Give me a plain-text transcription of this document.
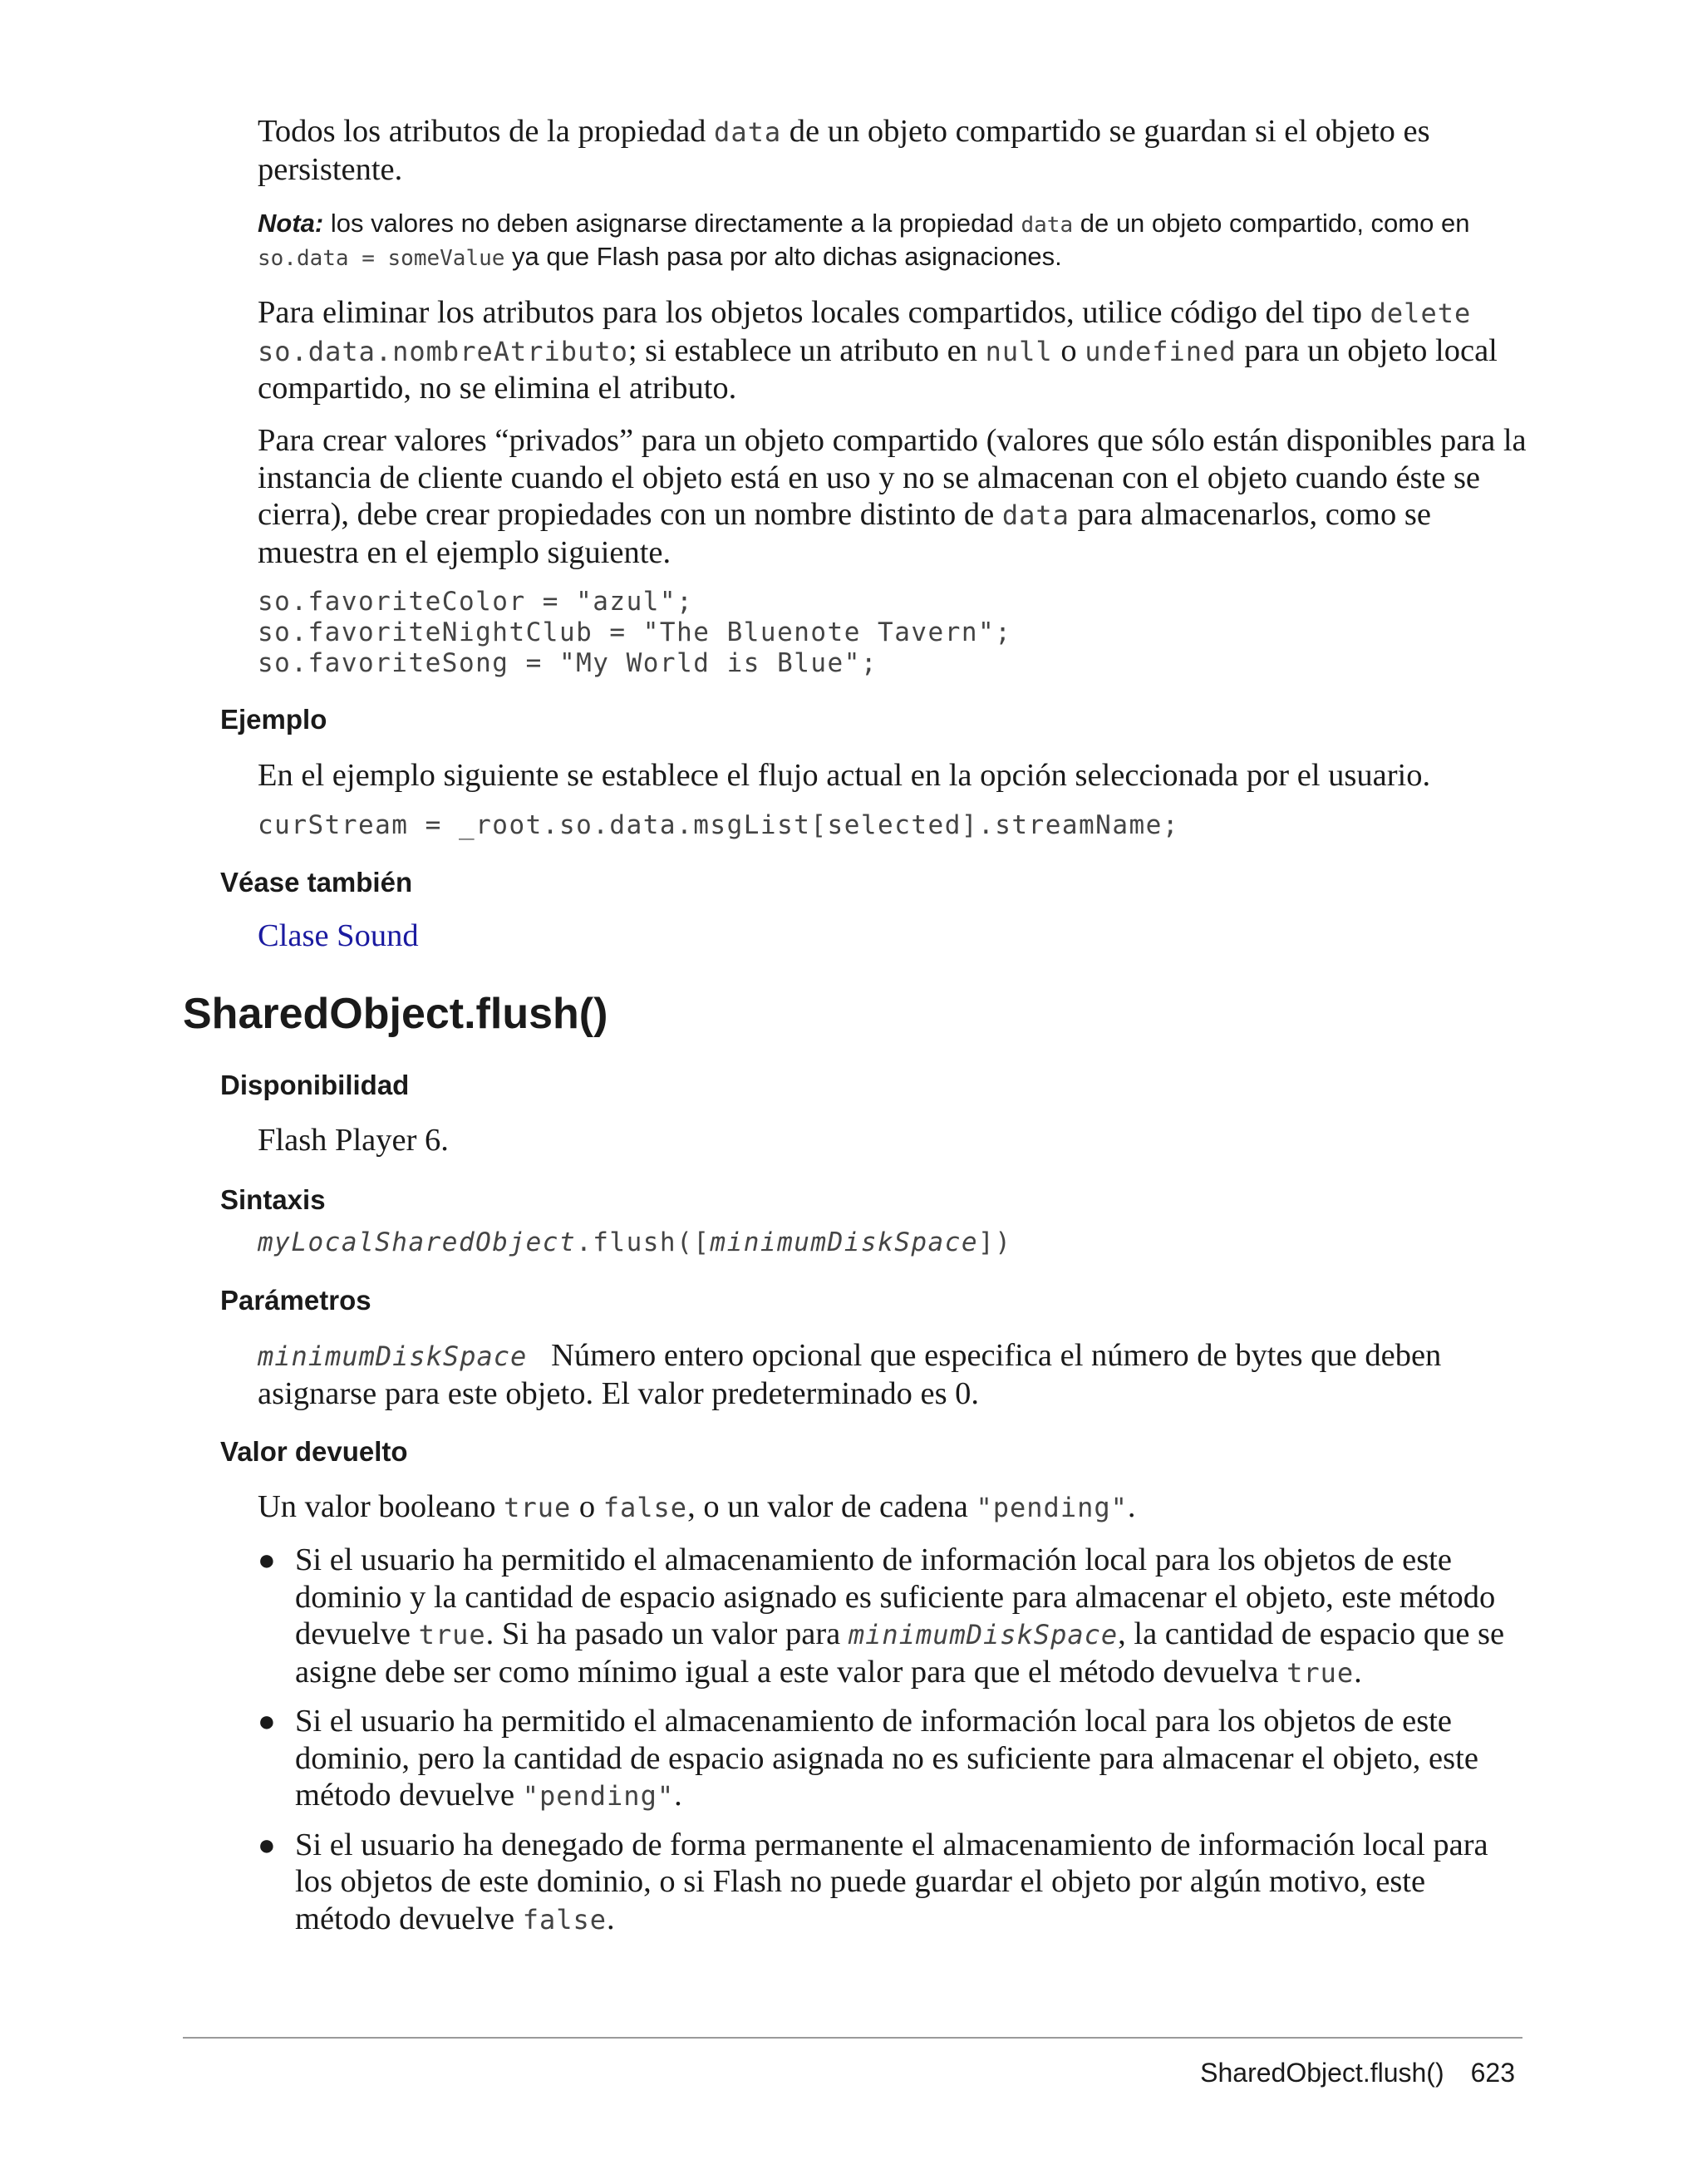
Todos los atributos de la propiedad data de un objeto compartido se guardan si el objeto es persistente.

Nota: los valores no deben asignarse directamente a la propiedad data de un objeto compartido, como en so.data = someValue ya que Flash pasa por alto dichas asignaciones.

Para eliminar los atributos para los objetos locales compartidos, utilice código del tipo delete so.data.nombreAtributo; si establece un atributo en null o undefined para un objeto local compartido, no se elimina el atributo.

Para crear valores “privados” para un objeto compartido (valores que sólo están disponibles para la instancia de cliente cuando el objeto está en uso y no se almacenan con el objeto cuando éste se cierra), debe crear propiedades con un nombre distinto de data para almacenarlos, como se muestra en el ejemplo siguiente.

so.favoriteColor = "azul";
so.favoriteNightClub = "The Bluenote Tavern";
so.favoriteSong = "My World is Blue";
Ejemplo

En el ejemplo siguiente se establece el flujo actual en la opción seleccionada por el usuario.

curStream = _root.so.data.msgList[selected].streamName;
Véase también

Clase Sound

SharedObject.flush()
Disponibilidad

Flash Player 6.

Sintaxis

myLocalSharedObject.flush([minimumDiskSpace])

Parámetros

minimumDiskSpace Número entero opcional que especifica el número de bytes que deben asignarse para este objeto. El valor predeterminado es 0.

Valor devuelto

Un valor booleano true o false, o un valor de cadena "pending".

● Si el usuario ha permitido el almacenamiento de información local para los objetos de este dominio y la cantidad de espacio asignado es suficiente para almacenar el objeto, este método devuelve true. Si ha pasado un valor para minimumDiskSpace, la cantidad de espacio que se asigne debe ser como mínimo igual a este valor para que el método devuelva true.
● Si el usuario ha permitido el almacenamiento de información local para los objetos de este dominio, pero la cantidad de espacio asignada no es suficiente para almacenar el objeto, este método devuelve "pending".
● Si el usuario ha denegado de forma permanente el almacenamiento de información local para los objetos de este dominio, o si Flash no puede guardar el objeto por algún motivo, este método devuelve false.
SharedObject.flush() 623
